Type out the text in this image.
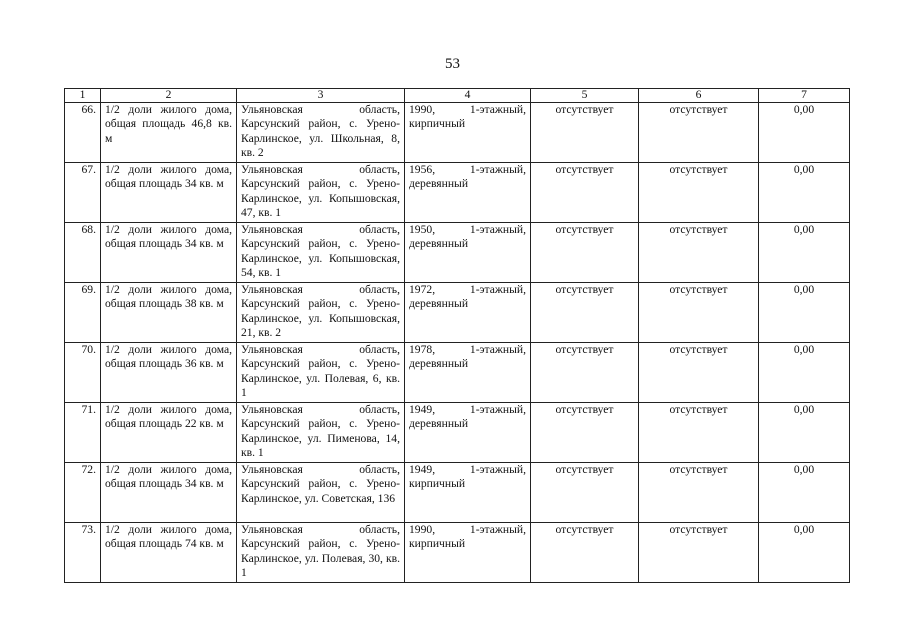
53
1	2	3	4	5	6	7
66.	1/2 доли жилого дома, общая площадь 46,8 кв. м	Ульяновская область, Карсунский район, с. Урено-Карлинское, ул. Школьная, 8, кв. 2	1990, 1-этажный, кирпичный	отсутствует	отсутствует	0,00
67.	1/2 доли жилого дома, общая площадь 34 кв. м	Ульяновская область, Карсунский район, с. Урено-Карлинское, ул. Копышовская, 47, кв. 1	1956, 1-этажный, деревянный	отсутствует	отсутствует	0,00
68.	1/2 доли жилого дома, общая площадь 34 кв. м	Ульяновская область, Карсунский район, с. Урено-Карлинское, ул. Копышовская, 54, кв. 1	1950, 1-этажный, деревянный	отсутствует	отсутствует	0,00
69.	1/2 доли жилого дома, общая площадь 38 кв. м	Ульяновская область, Карсунский район, с. Урено-Карлинское, ул. Копышовская, 21, кв. 2	1972, 1-этажный, деревянный	отсутствует	отсутствует	0,00
70.	1/2 доли жилого дома, общая площадь 36 кв. м	Ульяновская область, Карсунский район, с. Урено-Карлинское, ул. Полевая, 6, кв. 1	1978, 1-этажный, деревянный	отсутствует	отсутствует	0,00
71.	1/2 доли жилого дома, общая площадь 22 кв. м	Ульяновская область, Карсунский район, с. Урено-Карлинское, ул. Пименова, 14, кв. 1	1949, 1-этажный, деревянный	отсутствует	отсутствует	0,00
72.	1/2 доли жилого дома, общая площадь 34 кв. м	Ульяновская область, Карсунский район, с. Урено-Карлинское, ул. Советская, 136	1949, 1-этажный, кирпичный	отсутствует	отсутствует	0,00
73.	1/2 доли жилого дома, общая площадь 74 кв. м	Ульяновская область, Карсунский район, с. Урено-Карлинское, ул. Полевая, 30, кв. 1	1990, 1-этажный, кирпичный	отсутствует	отсутствует	0,00
